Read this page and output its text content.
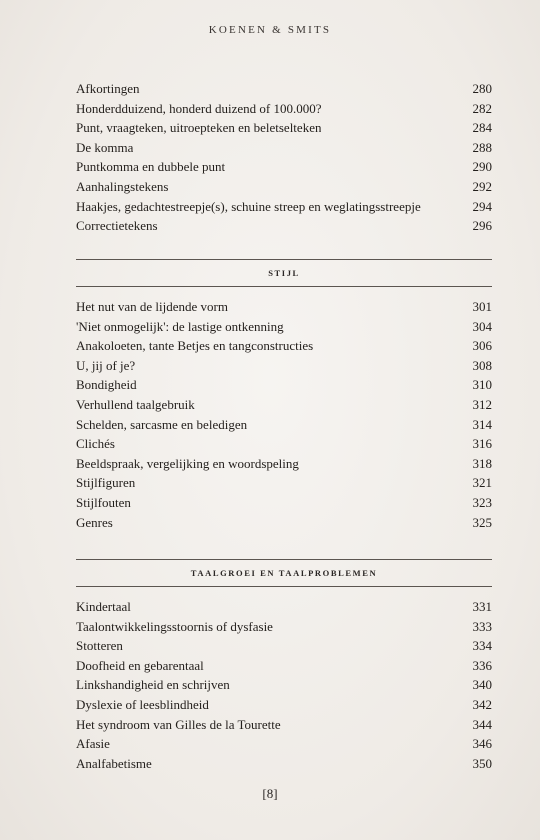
KOENEN & SMITS
Afkortingen	280
Honderdduizend, honderd duizend of 100.000?	282
Punt, vraagteken, uitroepteken en beletselteken	284
De komma	288
Puntkomma en dubbele punt	290
Aanhalingstekens	292
Haakjes, gedachtestreepje(s), schuine streep en weglatingsstreepje	294
Correctietekens	296
STIJL
Het nut van de lijdende vorm	301
'Niet onmogelijk': de lastige ontkenning	304
Anakoloeten, tante Betjes en tangconstructies	306
U, jij of je?	308
Bondigheid	310
Verhullend taalgebruik	312
Schelden, sarcasme en beledigen	314
Clichés	316
Beeldspraak, vergelijking en woordspeling	318
Stijlfiguren	321
Stijlfouten	323
Genres	325
TAALGROEI EN TAALPROBLEMEN
Kindertaal	331
Taalontwikkelingsstoornis of dysfasie	333
Stotteren	334
Doofheid en gebarentaal	336
Linkshandigheid en schrijven	340
Dyslexie of leesblindheid	342
Het syndroom van Gilles de la Tourette	344
Afasie	346
Analfabetisme	350
[8]
